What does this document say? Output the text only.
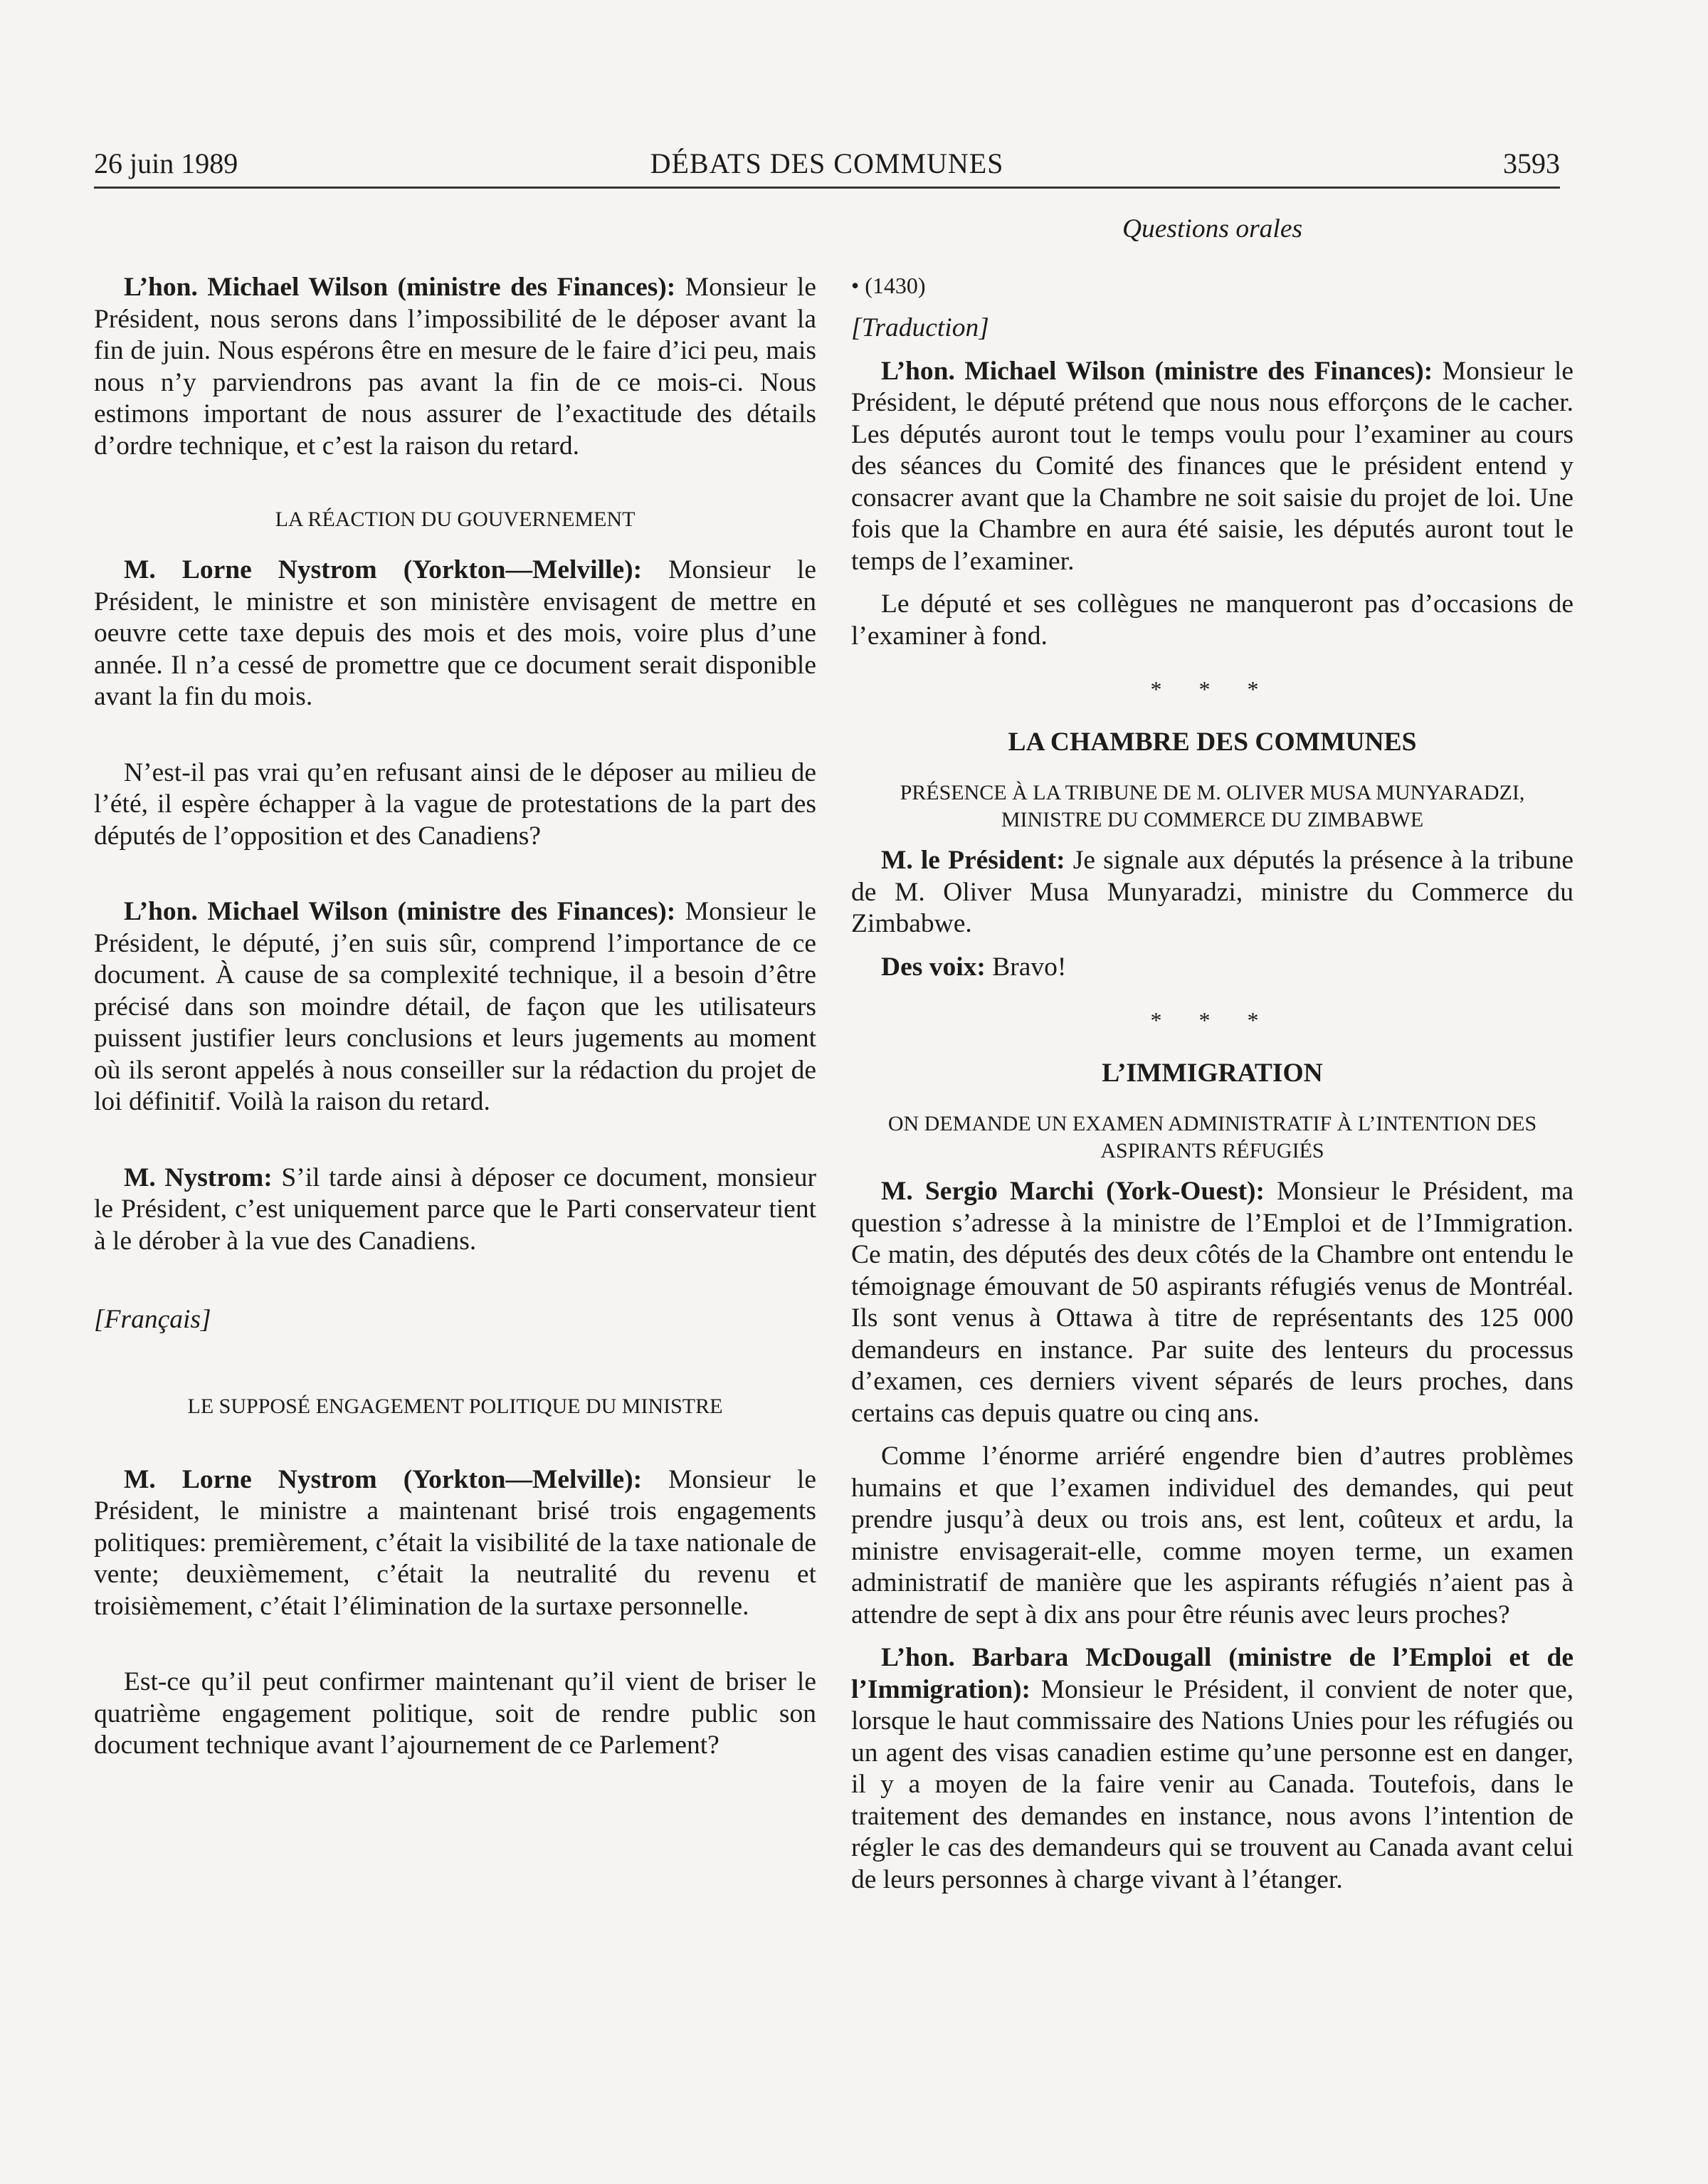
26 juin 1989	DÉBATS DES COMMUNES	3593

L’hon. Michael Wilson (ministre des Finances): Monsieur le Président, nous serons dans l’impossibilité de le déposer avant la fin de juin. Nous espérons être en mesure de le faire d’ici peu, mais nous n’y parviendrons pas avant la fin de ce mois-ci. Nous estimons important de nous assurer de l’exactitude des détails d’ordre technique, et c’est la raison du retard.

LA RÉACTION DU GOUVERNEMENT

M. Lorne Nystrom (Yorkton—Melville): Monsieur le Président, le ministre et son ministère envisagent de mettre en oeuvre cette taxe depuis des mois et des mois, voire plus d’une année. Il n’a cessé de promettre que ce document serait disponible avant la fin du mois.

N’est-il pas vrai qu’en refusant ainsi de le déposer au milieu de l’été, il espère échapper à la vague de protestations de la part des députés de l’opposition et des Canadiens?

L’hon. Michael Wilson (ministre des Finances): Monsieur le Président, le député, j’en suis sûr, comprend l’importance de ce document. À cause de sa complexité technique, il a besoin d’être précisé dans son moindre détail, de façon que les utilisateurs puissent justifier leurs conclusions et leurs jugements au moment où ils seront appelés à nous conseiller sur la rédaction du projet de loi définitif. Voilà la raison du retard.

M. Nystrom: S’il tarde ainsi à déposer ce document, monsieur le Président, c’est uniquement parce que le Parti conservateur tient à le dérober à la vue des Canadiens.

[Français]

LE SUPPOSÉ ENGAGEMENT POLITIQUE DU MINISTRE

M. Lorne Nystrom (Yorkton—Melville): Monsieur le Président, le ministre a maintenant brisé trois engagements politiques: premièrement, c’était la visibilité de la taxe nationale de vente; deuxièmement, c’était la neutralité du revenu et troisièmement, c’était l’élimination de la surtaxe personnelle.

Est-ce qu’il peut confirmer maintenant qu’il vient de briser le quatrième engagement politique, soit de rendre public son document technique avant l’ajournement de ce Parlement?

Questions orales

• (1430)

[Traduction]

L’hon. Michael Wilson (ministre des Finances): Monsieur le Président, le député prétend que nous nous efforçons de le cacher. Les députés auront tout le temps voulu pour l’examiner au cours des séances du Comité des finances que le président entend y consacrer avant que la Chambre ne soit saisie du projet de loi. Une fois que la Chambre en aura été saisie, les députés auront tout le temps de l’examiner.

Le député et ses collègues ne manqueront pas d’occasions de l’examiner à fond.

* * *

LA CHAMBRE DES COMMUNES

PRÉSENCE À LA TRIBUNE DE M. OLIVER MUSA MUNYARADZI, MINISTRE DU COMMERCE DU ZIMBABWE

M. le Président: Je signale aux députés la présence à la tribune de M. Oliver Musa Munyaradzi, ministre du Commerce du Zimbabwe.

Des voix: Bravo!

* * *

L’IMMIGRATION

ON DEMANDE UN EXAMEN ADMINISTRATIF À L’INTENTION DES ASPIRANTS RÉFUGIÉS

M. Sergio Marchi (York-Ouest): Monsieur le Président, ma question s’adresse à la ministre de l’Emploi et de l’Immigration. Ce matin, des députés des deux côtés de la Chambre ont entendu le témoignage émouvant de 50 aspirants réfugiés venus de Montréal. Ils sont venus à Ottawa à titre de représentants des 125 000 demandeurs en instance. Par suite des lenteurs du processus d’examen, ces derniers vivent séparés de leurs proches, dans certains cas depuis quatre ou cinq ans.

Comme l’énorme arriéré engendre bien d’autres problèmes humains et que l’examen individuel des demandes, qui peut prendre jusqu’à deux ou trois ans, est lent, coûteux et ardu, la ministre envisagerait-elle, comme moyen terme, un examen administratif de manière que les aspirants réfugiés n’aient pas à attendre de sept à dix ans pour être réunis avec leurs proches?

L’hon. Barbara McDougall (ministre de l’Emploi et de l’Immigration): Monsieur le Président, il convient de noter que, lorsque le haut commissaire des Nations Unies pour les réfugiés ou un agent des visas canadien estime qu’une personne est en danger, il y a moyen de la faire venir au Canada. Toutefois, dans le traitement des demandes en instance, nous avons l’intention de régler le cas des demandeurs qui se trouvent au Canada avant celui de leurs personnes à charge vivant à l’étanger.
